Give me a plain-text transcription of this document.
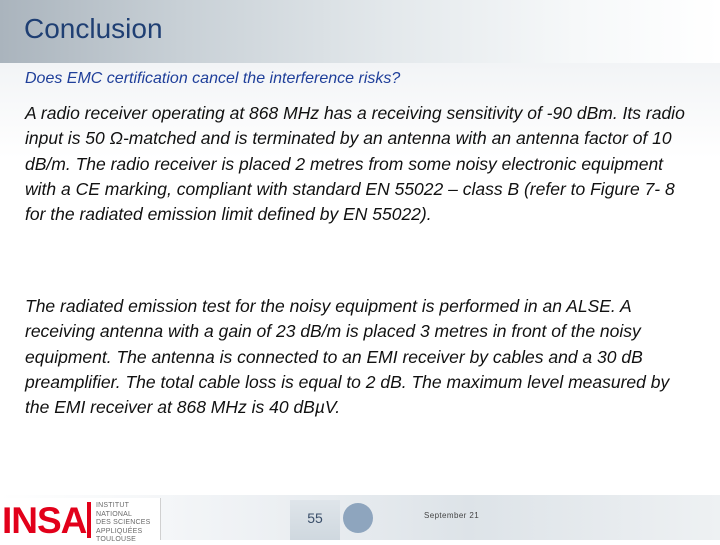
Conclusion
Does EMC certification cancel the interference risks?

A radio receiver operating at 868 MHz has a receiving sensitivity of -90 dBm. Its radio input is 50 Ω-matched and is terminated by an antenna with an antenna factor of 10 dB/m. The radio receiver is placed 2 metres from some noisy electronic equipment with a CE marking, compliant with standard EN 55022 – class B (refer to Figure 7- 8 for the radiated emission limit defined by EN 55022).

The radiated emission test for the noisy equipment is performed in an ALSE. A receiving antenna with a gain of 23 dB/m is placed 3 metres in front of the noisy equipment. The antenna is connected to an EMI receiver by cables and a 30 dB preamplifier. The total cable loss is equal to 2 dB. The maximum level measured by the EMI receiver at 868 MHz is 40 dBµV.

INSA INSTITUT NATIONAL
DES SCIENCES
APPLIQUÉES
TOULOUSE
55	September 21
